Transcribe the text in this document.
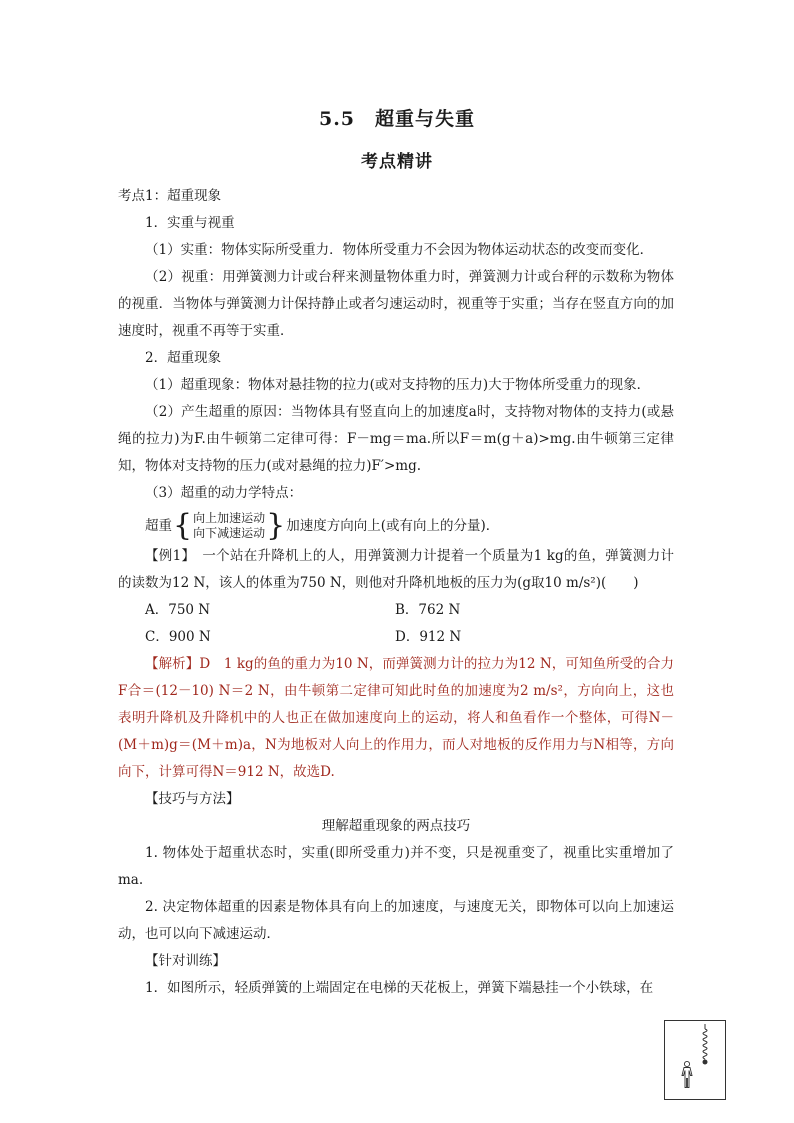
5.5　超重与失重
考点精讲

考点1：超重现象

1．实重与视重

（1）实重：物体实际所受重力．物体所受重力不会因为物体运动状态的改变而变化．

（2）视重：用弹簧测力计或台秤来测量物体重力时，弹簧测力计或台秤的示数称为物体的视重．当物体与弹簧测力计保持静止或者匀速运动时，视重等于实重；当存在竖直方向的加速度时，视重不再等于实重．

2．超重现象

（1）超重现象：物体对悬挂物的拉力(或对支持物的压力)大于物体所受重力的现象．

（2）产生超重的原因：当物体具有竖直向上的加速度a时，支持物对物体的支持力(或悬绳的拉力)为F.由牛顿第二定律可得：F－mg＝ma.所以F＝m(g＋a)>mg.由牛顿第三定律知，物体对支持物的压力(或对悬绳的拉力)F′>mg.

（3）超重的动力学特点：

超重 { 向上加速运动
向下减速运动 } 加速度方向向上(或有向上的分量)．

【例1】　一个站在升降机上的人，用弹簧测力计提着一个质量为1 kg的鱼，弹簧测力计的读数为12 N，该人的体重为750 N，则他对升降机地板的压力为(g取10 m/s²)(　　)

A．750 N	B．762 N
C．900 N	D．912 N

【解析】D　1 kg的鱼的重力为10 N，而弹簧测力计的拉力为12 N，可知鱼所受的合力F合＝(12－10) N＝2 N，由牛顿第二定律可知此时鱼的加速度为2 m/s²，方向向上，这也表明升降机及升降机中的人也正在做加速度向上的运动，将人和鱼看作一个整体，可得N－(M＋m)g＝(M＋m)a，N为地板对人向上的作用力，而人对地板的反作用力与N相等，方向向下，计算可得N＝912 N，故选D.

【技巧与方法】

理解超重现象的两点技巧

1. 物体处于超重状态时，实重(即所受重力)并不变，只是视重变了，视重比实重增加了ma.

2. 决定物体超重的因素是物体具有向上的加速度，与速度无关，即物体可以向上加速运动，也可以向下减速运动．

【针对训练】

1．如图所示，轻质弹簧的上端固定在电梯的天花板上，弹簧下端悬挂一个小铁球，在
